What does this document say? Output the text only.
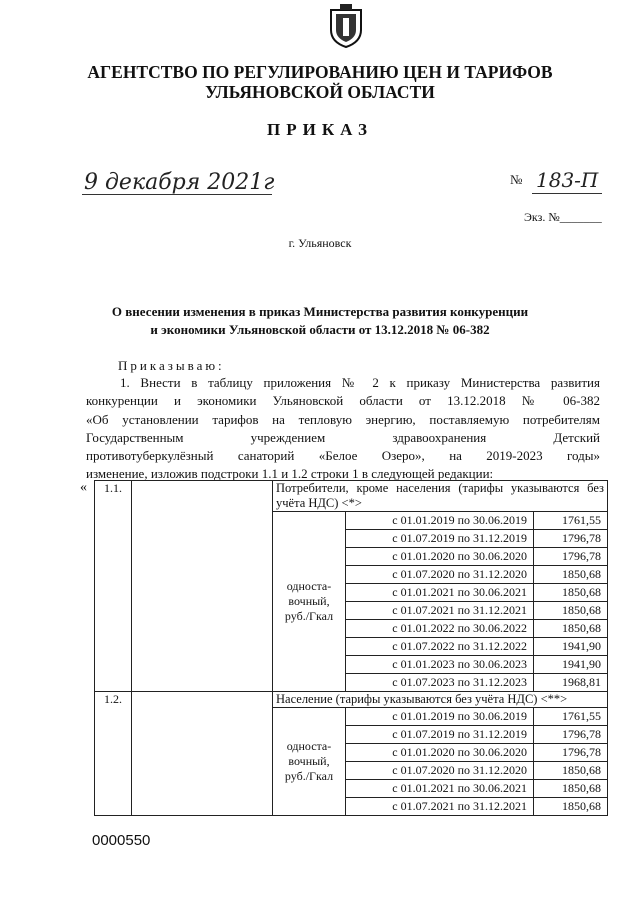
АГЕНТСТВО ПО РЕГУЛИРОВАНИЮ ЦЕН И ТАРИФОВ
УЛЬЯНОВСКОЙ ОБЛАСТИ
ПРИКАЗ
9 декабря 2021г	№ 183-П
Экз. №_______
г. Ульяновск
О внесении изменения в приказ Министерства развития конкуренции
и экономики Ульяновской области от 13.12.2018 № 06-382
Приказываю:
1. Внести в таблицу приложения № 2 к приказу Министерства развития
конкуренции и экономики Ульяновской области от 13.12.2018 № 06-382
«Об установлении тарифов на тепловую энергию, поставляемую потребителям
Государственным учреждением здравоохранения Детский
противотуберкулёзный санаторий «Белое Озеро», на 2019-2023 годы»
изменение, изложив подстроки 1.1 и 1.2 строки 1 в следующей редакции:
« 1.1.		Потребители, кроме населения (тарифы указываются без учёта НДС) <*>		

		односта-
вочный,
руб./Гкал	с 01.01.2019 по 30.06.2019	1761,55
			с 01.07.2019 по 31.12.2019	1796,78
			с 01.01.2020 по 30.06.2020	1796,78
			с 01.07.2020 по 31.12.2020	1850,68
			с 01.01.2021 по 30.06.2021	1850,68
			с 01.07.2021 по 31.12.2021	1850,68
			с 01.01.2022 по 30.06.2022	1850,68
			с 01.07.2022 по 31.12.2022	1941,90
			с 01.01.2023 по 30.06.2023	1941,90
			с 01.07.2023 по 31.12.2023	1968,81
1.2.		Население (тарифы указываются без учёта НДС) <**>		

		односта-
вочный,
руб./Гкал	с 01.01.2019 по 30.06.2019	1761,55
			с 01.07.2019 по 31.12.2019	1796,78
			с 01.01.2020 по 30.06.2020	1796,78
			с 01.07.2020 по 31.12.2020	1850,68
			с 01.01.2021 по 30.06.2021	1850,68
			с 01.07.2021 по 31.12.2021	1850,68
0000550
